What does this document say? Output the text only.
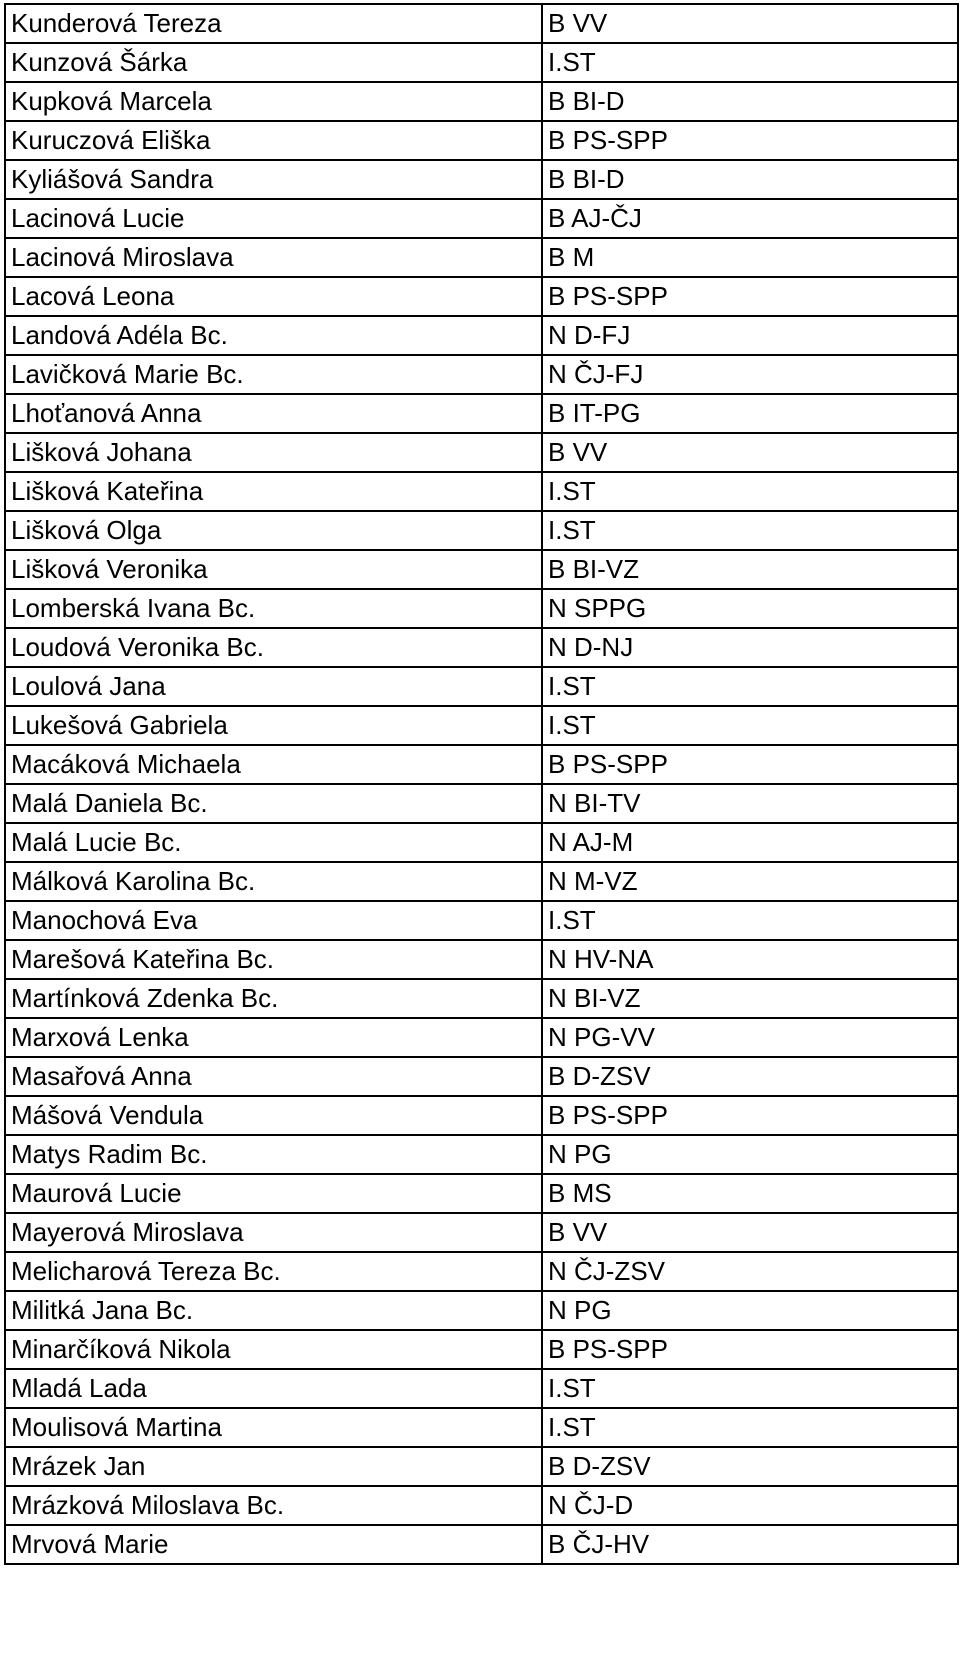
Kunderová Tereza	B VV
Kunzová Šárka	I.ST
Kupková Marcela	B BI-D
Kuruczová Eliška	B PS-SPP
Kyliášová Sandra	B BI-D
Lacinová Lucie	B AJ-ČJ
Lacinová Miroslava	B M
Lacová Leona	B PS-SPP
Landová Adéla Bc.	N D-FJ
Lavičková Marie Bc.	N ČJ-FJ
Lhoťanová Anna	B IT-PG
Lišková Johana	B VV
Lišková Kateřina	I.ST
Lišková Olga	I.ST
Lišková Veronika	B BI-VZ
Lomberská Ivana Bc.	N SPPG
Loudová Veronika Bc.	N D-NJ
Loulová Jana	I.ST
Lukešová Gabriela	I.ST
Macáková Michaela	B PS-SPP
Malá Daniela Bc.	N BI-TV
Malá Lucie Bc.	N AJ-M
Málková Karolina Bc.	N M-VZ
Manochová Eva	I.ST
Marešová Kateřina Bc.	N HV-NA
Martínková Zdenka Bc.	N BI-VZ
Marxová Lenka	N PG-VV
Masařová Anna	B D-ZSV
Mášová Vendula	B PS-SPP
Matys Radim Bc.	N PG
Maurová Lucie	B MS
Mayerová Miroslava	B VV
Melicharová Tereza Bc.	N ČJ-ZSV
Militká Jana Bc.	N PG
Minarčíková Nikola	B PS-SPP
Mladá Lada	I.ST
Moulisová Martina	I.ST
Mrázek Jan	B D-ZSV
Mrázková Miloslava Bc.	N ČJ-D
Mrvová Marie	B ČJ-HV
